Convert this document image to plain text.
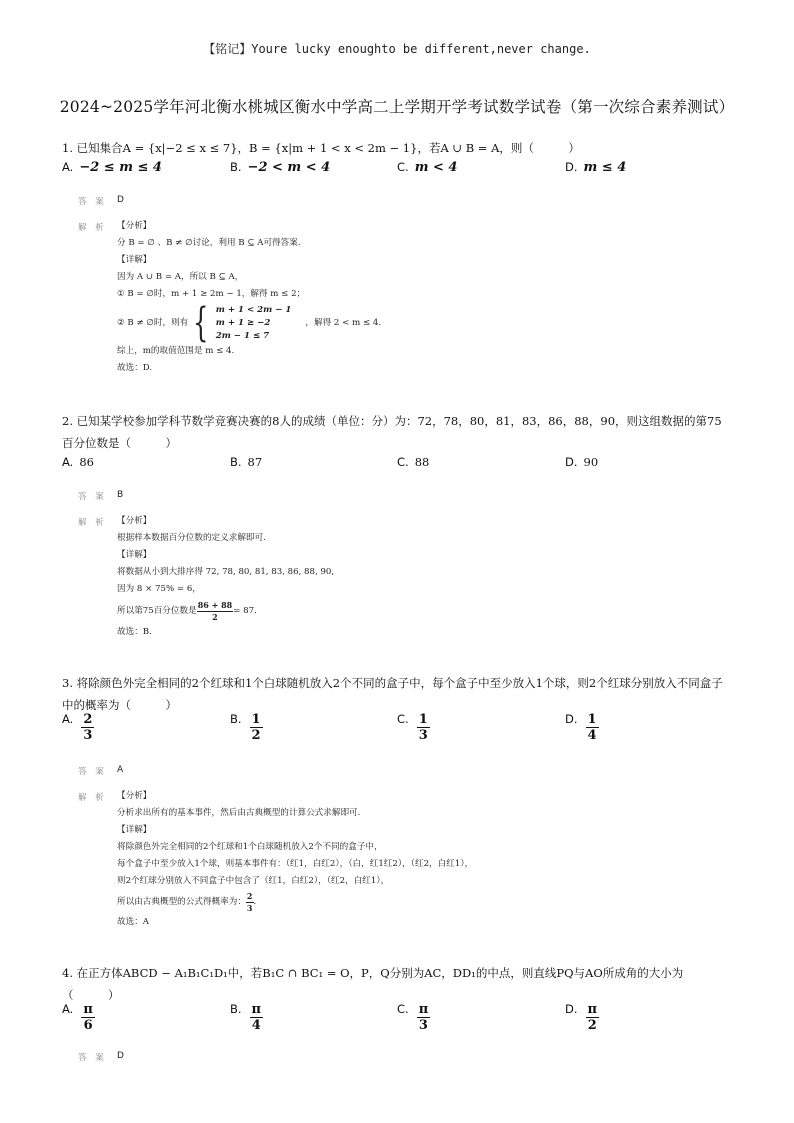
【铭记】Youre lucky enoughto be different,never change.
2024~2025学年河北衡水桃城区衡水中学高二上学期开学考试数学试卷（第一次综合素养测试）
1. 已知集合A = {x|−2 ≤ x ≤ 7}，B = {x|m + 1 < x < 2m − 1}，若A ∪ B = A，则（　　　）
A. −2 ≤ m ≤ 4	B. −2 < m < 4	C. m < 4	D. m ≤ 4
答 案 D
解 析 【分析】
分 B = ∅ 、B ≠ ∅讨论，利用 B ⊆ A可得答案.
【详解】
因为 A ∪ B = A，所以 B ⊆ A，
① B = ∅时，m + 1 ≥ 2m − 1，解得 m ≤ 2；
② B ≠ ∅时，则有 { m + 1 < 2m − 1
m + 1 ≥ −2
2m − 1 ≤ 7
，解得 2 < m ≤ 4.
综上，m的取值范围是 m ≤ 4.
故选：D.
2. 已知某学校参加学科节数学竞赛决赛的8人的成绩（单位：分）为：72，78，80，81，83，86，88，90，则这组数据的第75百分位数是（　　　）
A. 86	B. 87	C. 88	D. 90
答 案 B
解 析 【分析】
根据样本数据百分位数的定义求解即可.
【详解】
将数据从小到大排序得 72, 78, 80, 81, 83, 86, 88, 90,
因为 8 × 75% = 6，
所以第75百分位数是 $\frac{86 + 88}{2} = 87$.
故选：B.
3. 将除颜色外完全相同的2个红球和1个白球随机放入2个不同的盒子中，每个盒子中至少放入1个球，则2个红球分别放入不同盒子中的概率为（　　　）
A. $\frac{2}{3}$	B. $\frac{1}{2}$	C. $\frac{1}{3}$	D. $\frac{1}{4}$
答 案 A
解 析 【分析】
分析求出所有的基本事件，然后由古典概型的计算公式求解即可.
【详解】
将除颜色外完全相同的2个红球和1个白球随机放入2个不同的盒子中，
每个盒子中至少放入1个球，则基本事件有：（红1，白红2），（白，红1红2），（红2，白红1），
则2个红球分别放入不同盒子中包含了（红1，白红2），（红2，白红1），
所以由古典概型的公式得概率为：
2
3
.
故选：A
4. 在正方体ABCD − A₁B₁C₁D₁中，若B₁C ∩ BC₁ = O，P，Q分别为AC，DD₁的中点，则直线PQ与AO所成角的大小为（　　　）
A. $\frac{\pi}{6}$	B. $\frac{\pi}{4}$	C. $\frac{\pi}{3}$	D. $\frac{\pi}{2}$
答 案 D
